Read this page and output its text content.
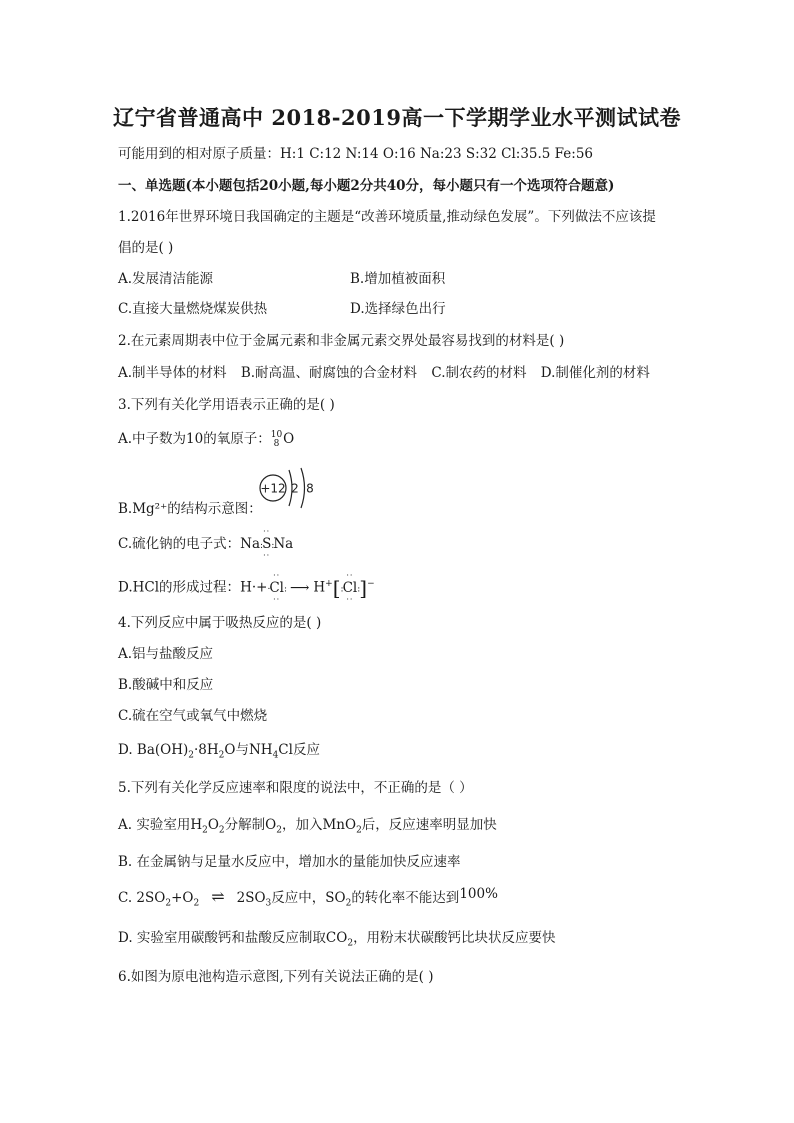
辽宁省普通高中 2018-2019高一下学期学业水平测试试卷
可能用到的相对原子质量：H:1 C:12 N:14 O:16 Na:23 S:32 Cl:35.5 Fe:56
一、单选题(本小题包括20小题,每小题2分共40分，每小题只有一个选项符合题意)
1.2016年世界环境日我国确定的主题是“改善环境质量,推动绿色发展”。下列做法不应该提
倡的是( )
A.发展清洁能源	B.增加植被面积
C.直接大量燃烧煤炭供热	D.选择绿色出行
2.在元素周期表中位于金属元素和非金属元素交界处最容易找到的材料是( )
A.制半导体的材料 B.耐高温、耐腐蚀的合金材料 C.制农药的材料 D.制催化剂的材料
3.下列有关化学用语表示正确的是( )
A.中子数为10的氧原子：10
8 O
+12 2 8
B.Mg²⁺的结构示意图：
C.硫化钠的电子式：Na:
··
S
··
:Na
D.HCl的形成过程：H·+·
··
Cl
··
: ⟶ H+[:
··
Cl
··
:]−
4.下列反应中属于吸热反应的是( )
A.铝与盐酸反应
B.酸碱中和反应
C.硫在空气或氧气中燃烧
D. $Ba(OH)_2\cdot 8H_2O$与$NH_4Cl$反应
5.下列有关化学反应速率和限度的说法中，不正确的是（ ）
A. 实验室用$H_2O_2$分解制$O_2$，加入MnO$_2$后，反应速率明显加快
B. 在金属钠与足量水反应中，增加水的量能加快反应速率
C. $2SO_2+O_2$ ⇌ $2SO_3$反应中，$SO_2$的转化率不能达到100%
D. 实验室用碳酸钙和盐酸反应制取$CO_2$，用粉末状碳酸钙比块状反应要快
6.如图为原电池构造示意图,下列有关说法正确的是( )
